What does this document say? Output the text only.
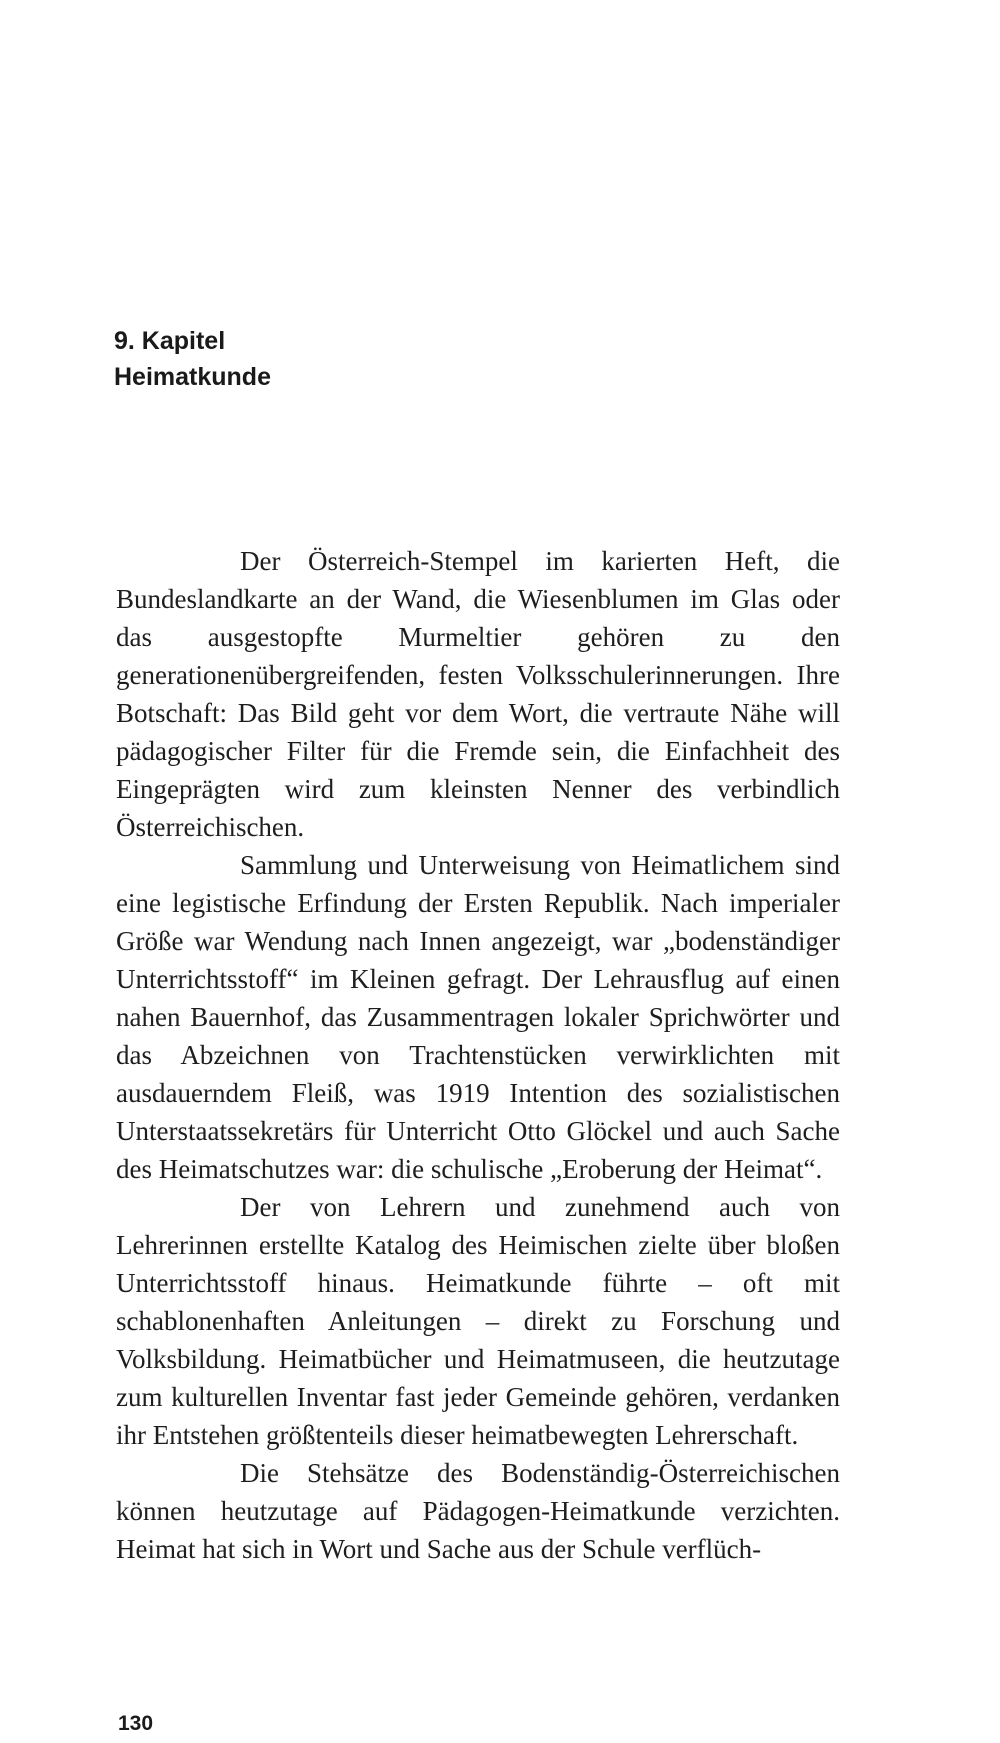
9. Kapitel
Heimatkunde

Der Österreich-Stempel im karierten Heft, die Bundeslandkarte an der Wand, die Wiesenblumen im Glas oder das ausgestopfte Murmeltier gehören zu den generationenübergreifenden, festen Volksschulerinnerungen. Ihre Botschaft: Das Bild geht vor dem Wort, die vertraute Nähe will pädagogischer Filter für die Fremde sein, die Einfachheit des Eingeprägten wird zum kleinsten Nenner des verbindlich Österreichischen.

Sammlung und Unterweisung von Heimatlichem sind eine legistische Erfindung der Ersten Republik. Nach imperialer Größe war Wendung nach Innen angezeigt, war „bodenständiger Unterrichtsstoff“ im Kleinen gefragt. Der Lehrausflug auf einen nahen Bauernhof, das Zusammentragen lokaler Sprichwörter und das Abzeichnen von Trachtenstücken verwirklichten mit ausdauerndem Fleiß, was 1919 Intention des sozialistischen Unterstaatssekretärs für Unterricht Otto Glöckel und auch Sache des Heimatschutzes war: die schulische „Eroberung der Heimat“.

Der von Lehrern und zunehmend auch von Lehrerinnen erstellte Katalog des Heimischen zielte über bloßen Unterrichtsstoff hinaus. Heimatkunde führte – oft mit schablonenhaften Anleitungen – direkt zu Forschung und Volksbildung. Heimatbücher und Heimatmuseen, die heutzutage zum kulturellen Inventar fast jeder Gemeinde gehören, verdanken ihr Entstehen größtenteils dieser heimatbewegten Lehrerschaft.

Die Stehsätze des Bodenständig-Österreichischen können heutzutage auf Pädagogen-Heimatkunde verzichten. Heimat hat sich in Wort und Sache aus der Schule verflüch-

130
